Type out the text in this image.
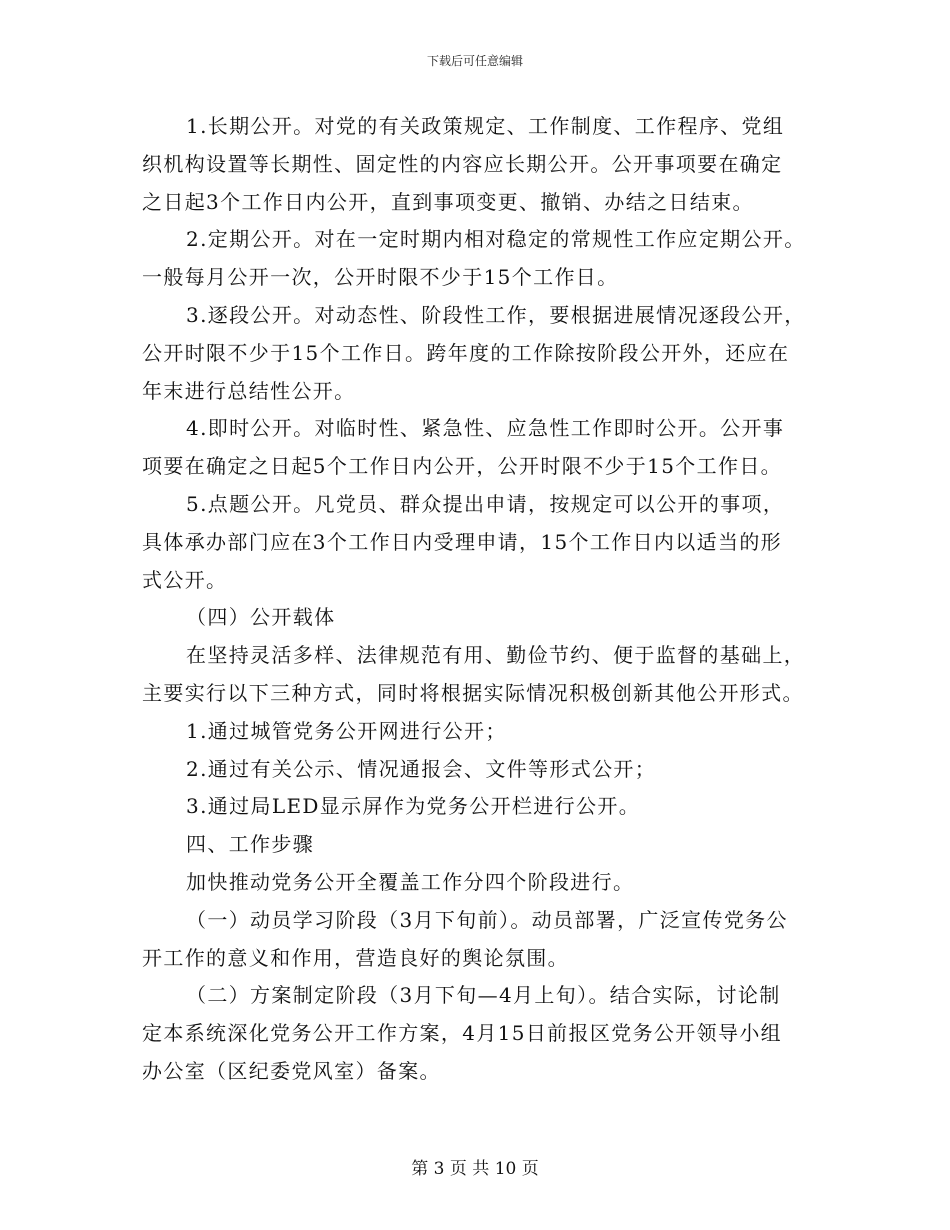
下载后可任意编辑
1.长期公开。对党的有关政策规定、工作制度、工作程序、党组
织机构设置等长期性、固定性的内容应长期公开。公开事项要在确定
之日起3个工作日内公开，直到事项变更、撤销、办结之日结束。
2.定期公开。对在一定时期内相对稳定的常规性工作应定期公开。
一般每月公开一次，公开时限不少于15个工作日。
3.逐段公开。对动态性、阶段性工作，要根据进展情况逐段公开，
公开时限不少于15个工作日。跨年度的工作除按阶段公开外，还应在
年末进行总结性公开。
4.即时公开。对临时性、紧急性、应急性工作即时公开。公开事
项要在确定之日起5个工作日内公开，公开时限不少于15个工作日。
5.点题公开。凡党员、群众提出申请，按规定可以公开的事项，
具体承办部门应在3个工作日内受理申请，15个工作日内以适当的形
式公开。
（四）公开载体
在坚持灵活多样、法律规范有用、勤俭节约、便于监督的基础上，
主要实行以下三种方式，同时将根据实际情况积极创新其他公开形式。
1.通过城管党务公开网进行公开；
2.通过有关公示、情况通报会、文件等形式公开；
3.通过局LED显示屏作为党务公开栏进行公开。
四、工作步骤
加快推动党务公开全覆盖工作分四个阶段进行。
（一）动员学习阶段（3月下旬前）。动员部署，广泛宣传党务公
开工作的意义和作用，营造良好的舆论氛围。
（二）方案制定阶段（3月下旬—4月上旬）。结合实际，讨论制
定本系统深化党务公开工作方案，4月15日前报区党务公开领导小组
办公室（区纪委党风室）备案。
第 3 页 共 10 页
